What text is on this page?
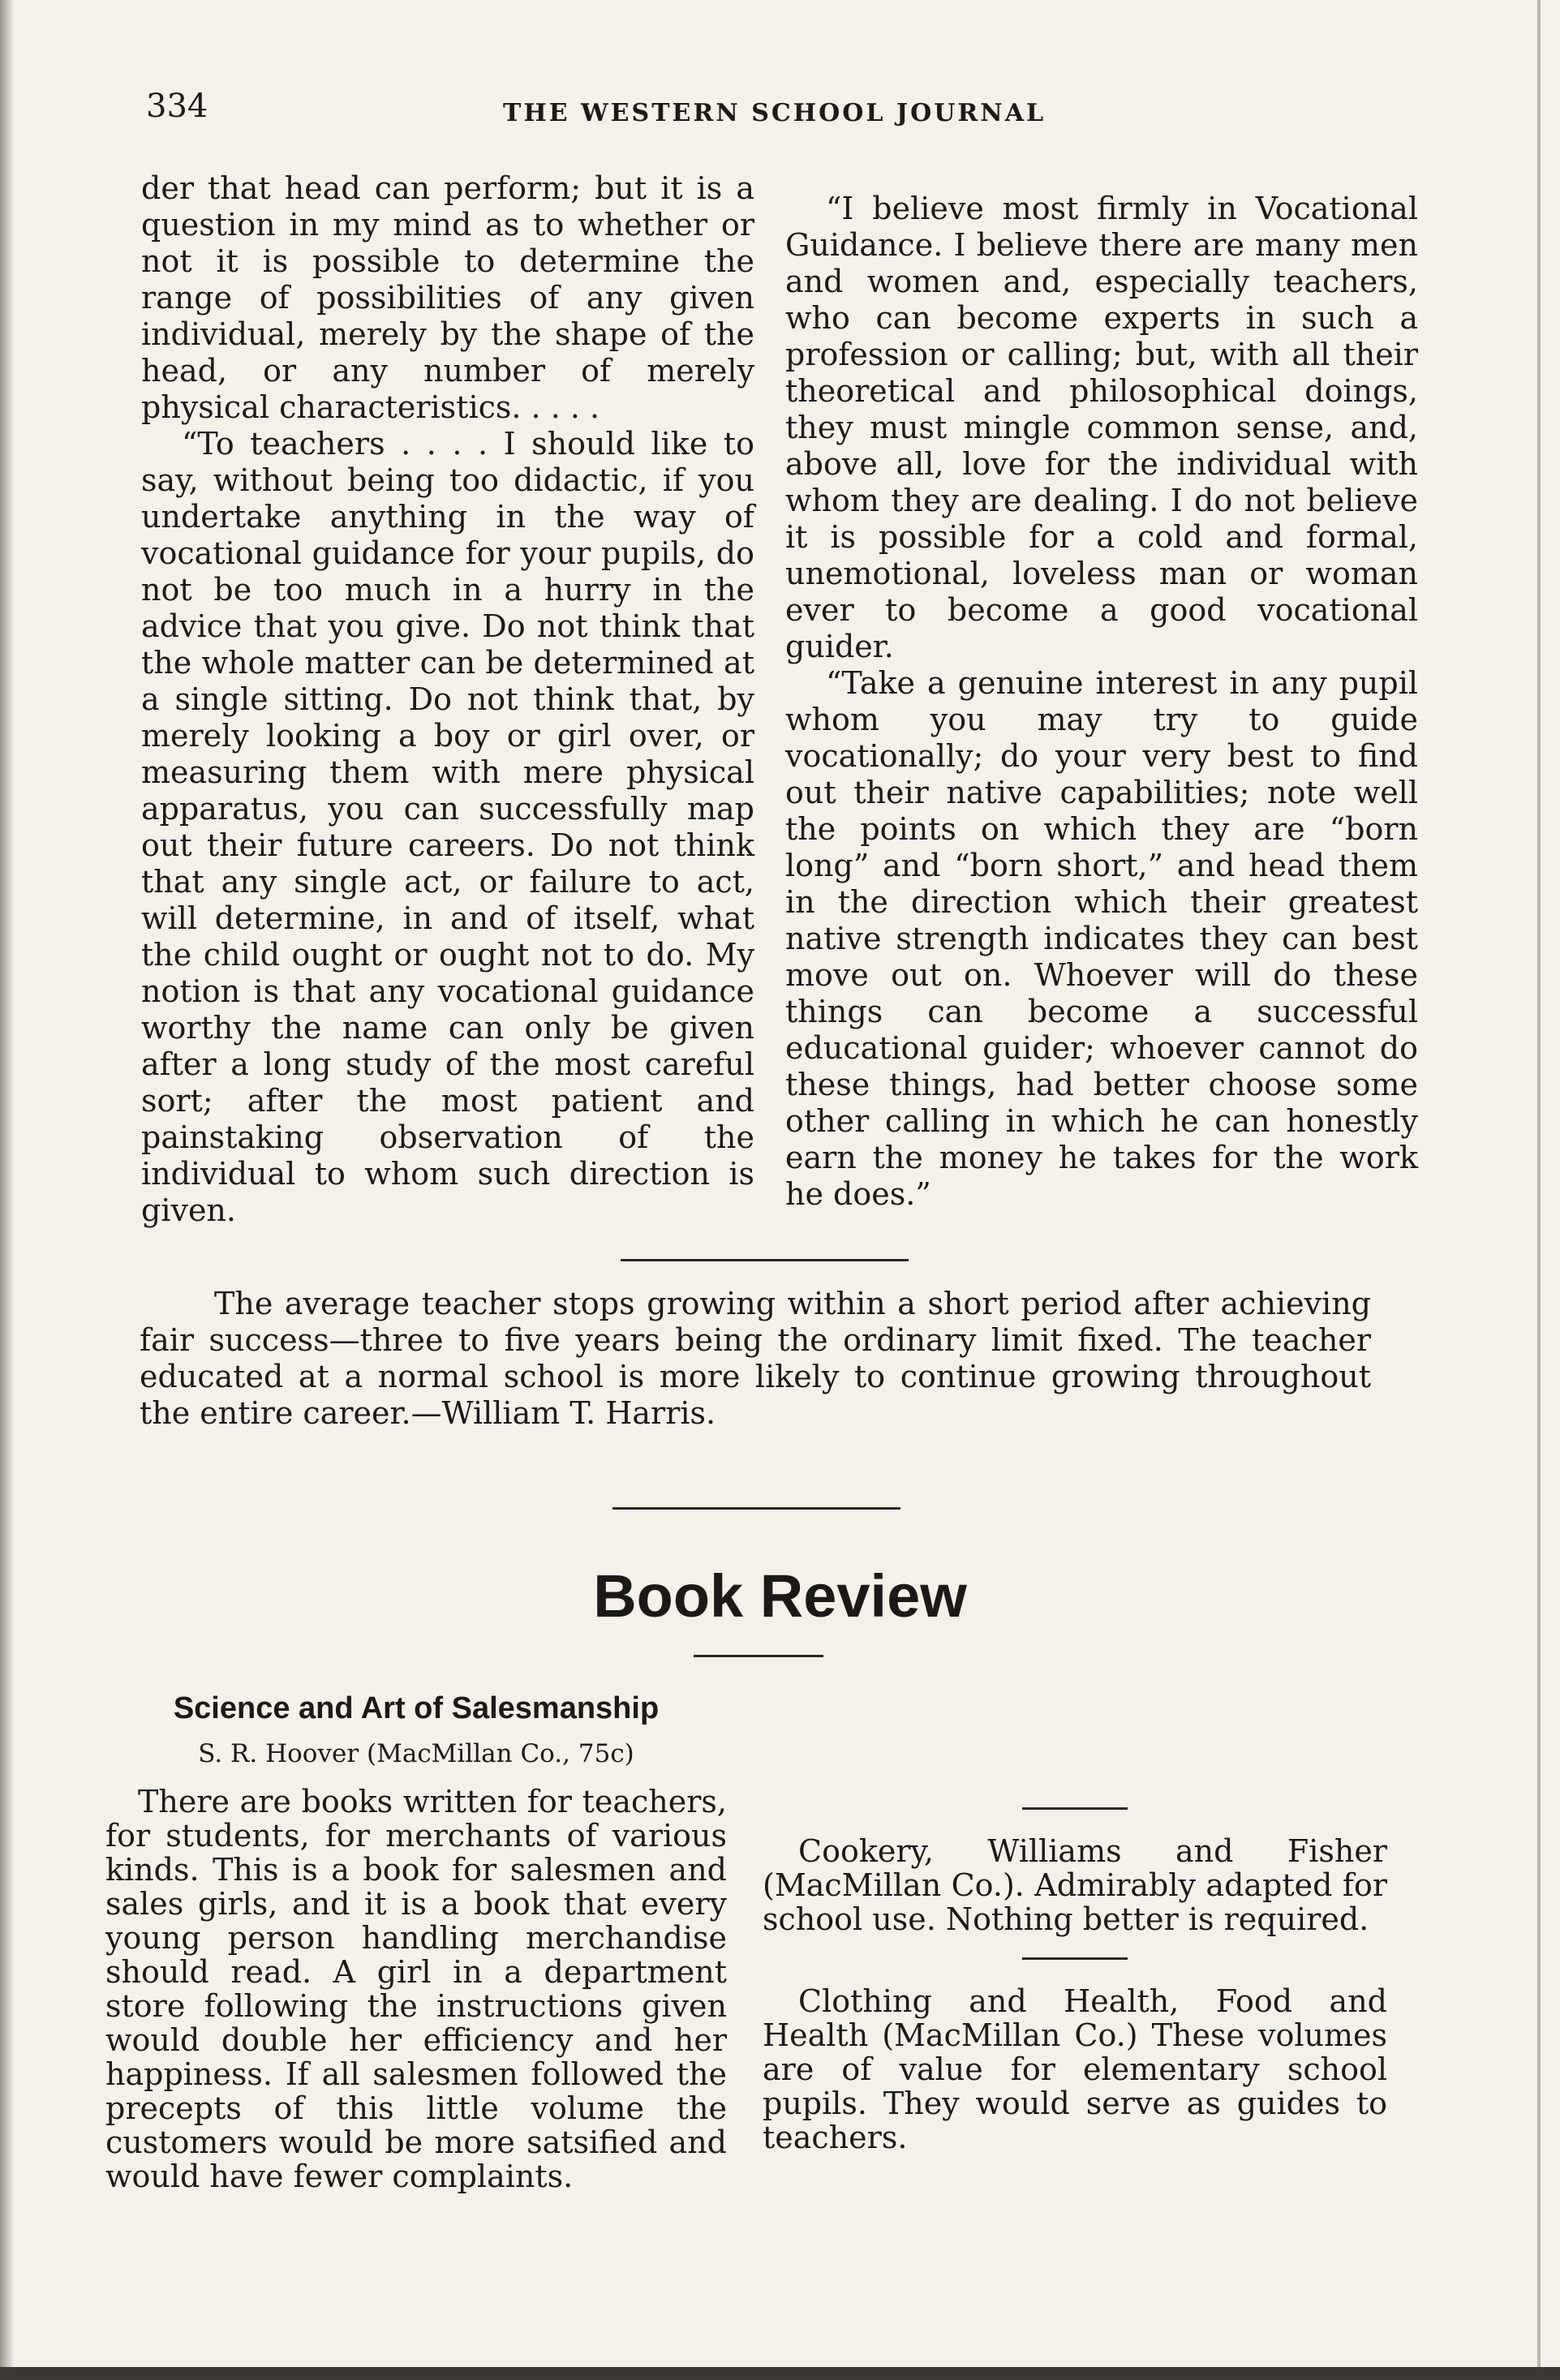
334	THE WESTERN SCHOOL JOURNAL

der that head can perform; but it is a question in my mind as to whether or not it is possible to determine the range of possibilities of any given individual, merely by the shape of the head, or any number of merely physical characteristics. . . . .

“To teachers . . . . I should like to say, without being too didactic, if you undertake anything in the way of vocational guidance for your pupils, do not be too much in a hurry in the advice that you give. Do not think that the whole matter can be determined at a single sitting. Do not think that, by merely looking a boy or girl over, or measuring them with mere physical apparatus, you can successfully map out their future careers. Do not think that any single act, or failure to act, will determine, in and of itself, what the child ought or ought not to do. My notion is that any vocational guidance worthy the name can only be given after a long study of the most careful sort; after the most patient and painstaking observation of the individual to whom such direction is given.

“I believe most firmly in Vocational Guidance. I believe there are many men and women and, especially teachers, who can become experts in such a profession or calling; but, with all their theoretical and philosophical doings, they must mingle common sense, and, above all, love for the individual with whom they are dealing. I do not believe it is possible for a cold and formal, unemotional, loveless man or woman ever to become a good vocational guider.

“Take a genuine interest in any pupil whom you may try to guide vocationally; do your very best to find out their native capabilities; note well the points on which they are “born long” and “born short,” and head them in the direction which their greatest native strength indicates they can best move out on. Whoever will do these things can become a successful educational guider; whoever cannot do these things, had better choose some other calling in which he can honestly earn the money he takes for the work he does.”

The average teacher stops growing within a short period after achieving fair success—three to five years being the ordinary limit fixed. The teacher educated at a normal school is more likely to continue growing throughout the entire career.—William T. Harris.

Book Review

Science and Art of Salesmanship

S. R. Hoover (MacMillan Co., 75c)

There are books written for teachers, for students, for merchants of various kinds. This is a book for salesmen and sales girls, and it is a book that every young person handling merchandise should read. A girl in a department store following the instructions given would double her efficiency and her happiness. If all salesmen followed the precepts of this little volume the customers would be more satsified and would have fewer complaints.

Cookery, Williams and Fisher (MacMillan Co.). Admirably adapted for school use. Nothing better is required.

Clothing and Health, Food and Health (MacMillan Co.) These volumes are of value for elementary school pupils. They would serve as guides to teachers.
